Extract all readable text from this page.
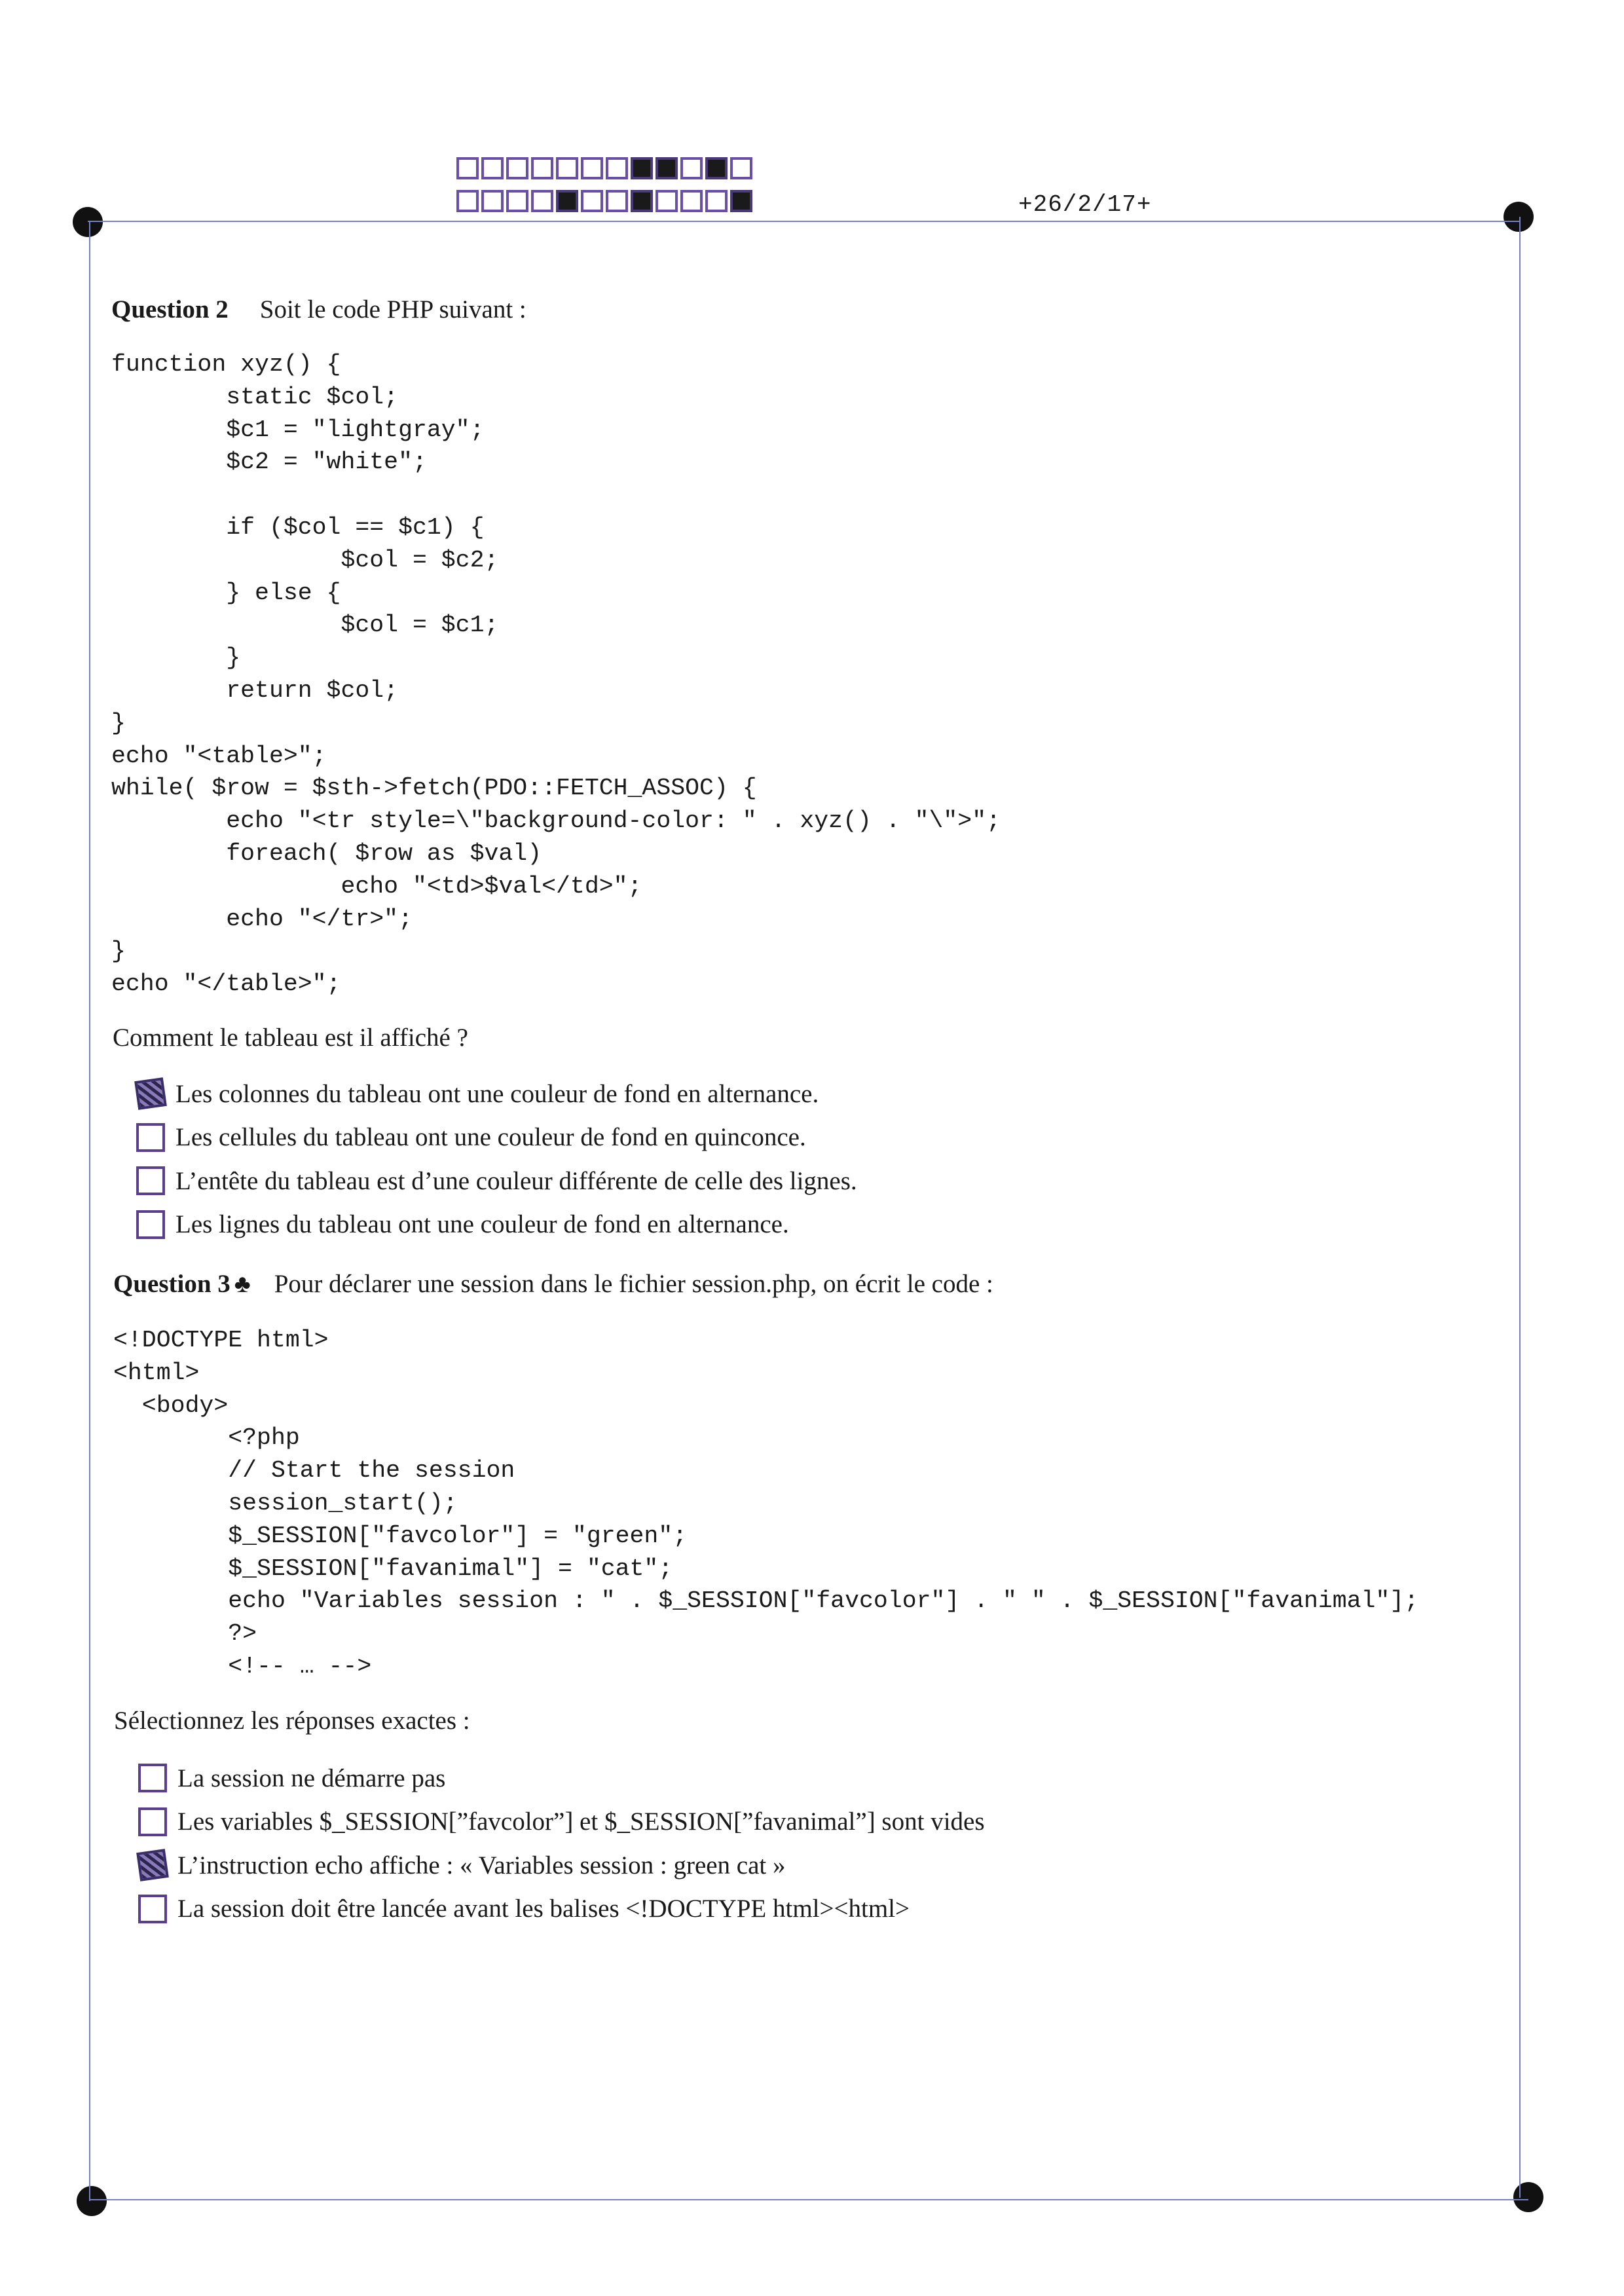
+26/2/17+
Question 2 Soit le code PHP suivant :
function xyz() {
static $col;
$c1 = "lightgray";
$c2 = "white";

if ($col == $c1) {
$col = $c2;
} else {
$col = $c1;
}
return $col;
}
echo "<table>";
while( $row = $sth->fetch(PDO::FETCH_ASSOC) {
echo "<tr style=\"background-color: " . xyz() . "\">";
foreach( $row as $val)
echo "<td>$val</td>";
echo "</tr>";
}
echo "</table>";
Comment le tableau est il affiché ?
Les colonnes du tableau ont une couleur de fond en alternance.
Les cellules du tableau ont une couleur de fond en quinconce.
L’entête du tableau est d’une couleur différente de celle des lignes.
Les lignes du tableau ont une couleur de fond en alternance.
Question 3 ♣ Pour déclarer une session dans le fichier session.php, on écrit le code :
<!DOCTYPE html>
<html>
<body>
<?php
// Start the session
session_start();
$_SESSION["favcolor"] = "green";
$_SESSION["favanimal"] = "cat";
echo "Variables session : " . $_SESSION["favcolor"] . " " . $_SESSION["favanimal"];
?>
<!-- … -->
Sélectionnez les réponses exactes :
La session ne démarre pas
Les variables $_SESSION[”favcolor”] et $_SESSION[”favanimal”] sont vides
L’instruction echo affiche : « Variables session : green cat »
La session doit être lancée avant les balises <!DOCTYPE html><html>
